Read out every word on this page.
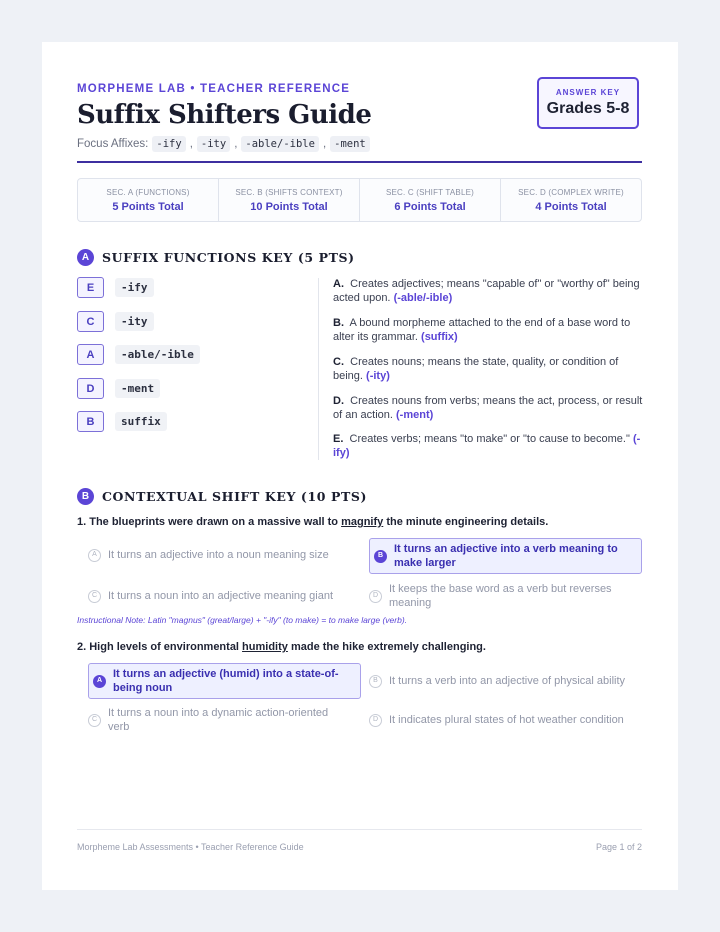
MORPHEME LAB • TEACHER REFERENCE
Suffix Shifters Guide
Focus Affixes: -ify , -ity , -able/-ible , -ment
ANSWER KEY
Grades 5-8
SEC. A (FUNCTIONS)
5 Points Total
SEC. B (SHIFTS CONTEXT)
10 Points Total
SEC. C (SHIFT TABLE)
6 Points Total
SEC. D (COMPLEX WRITE)
4 Points Total
A	SUFFIX FUNCTIONS KEY (5 PTS)
E	-ify
C	-ity
A	-able/-ible
D	-ment
B	suffix
A. Creates adjectives; means "capable of" or "worthy of" being acted upon. (-able/-ible)
B. A bound morpheme attached to the end of a base word to alter its grammar. (suffix)
C. Creates nouns; means the state, quality, or condition of being. (-ity)
D. Creates nouns from verbs; means the act, process, or result of an action. (-ment)
E. Creates verbs; means "to make" or "to cause to become." (-ify)
B	CONTEXTUAL SHIFT KEY (10 PTS)
1. The blueprints were drawn on a massive wall to magnify the minute engineering details.
A	It turns an adjective into a noun meaning size	B
It turns an adjective into a verb meaning to make larger
C It turns a noun into an adjective meaning giant	D
It keeps the base word as a verb but reverses meaning
Instructional Note: Latin "magnus" (great/large) + "-ify" (to make) = to make large (verb).
2. High levels of environmental humidity made the hike extremely challenging.
A
It turns an adjective (humid) into a state-of-being noun
B	It turns a verb into an adjective of physical ability
C
It turns a noun into a dynamic action-oriented verb
D It indicates plural states of hot weather condition
Morpheme Lab Assessments • Teacher Reference Guide	Page 1 of 2
